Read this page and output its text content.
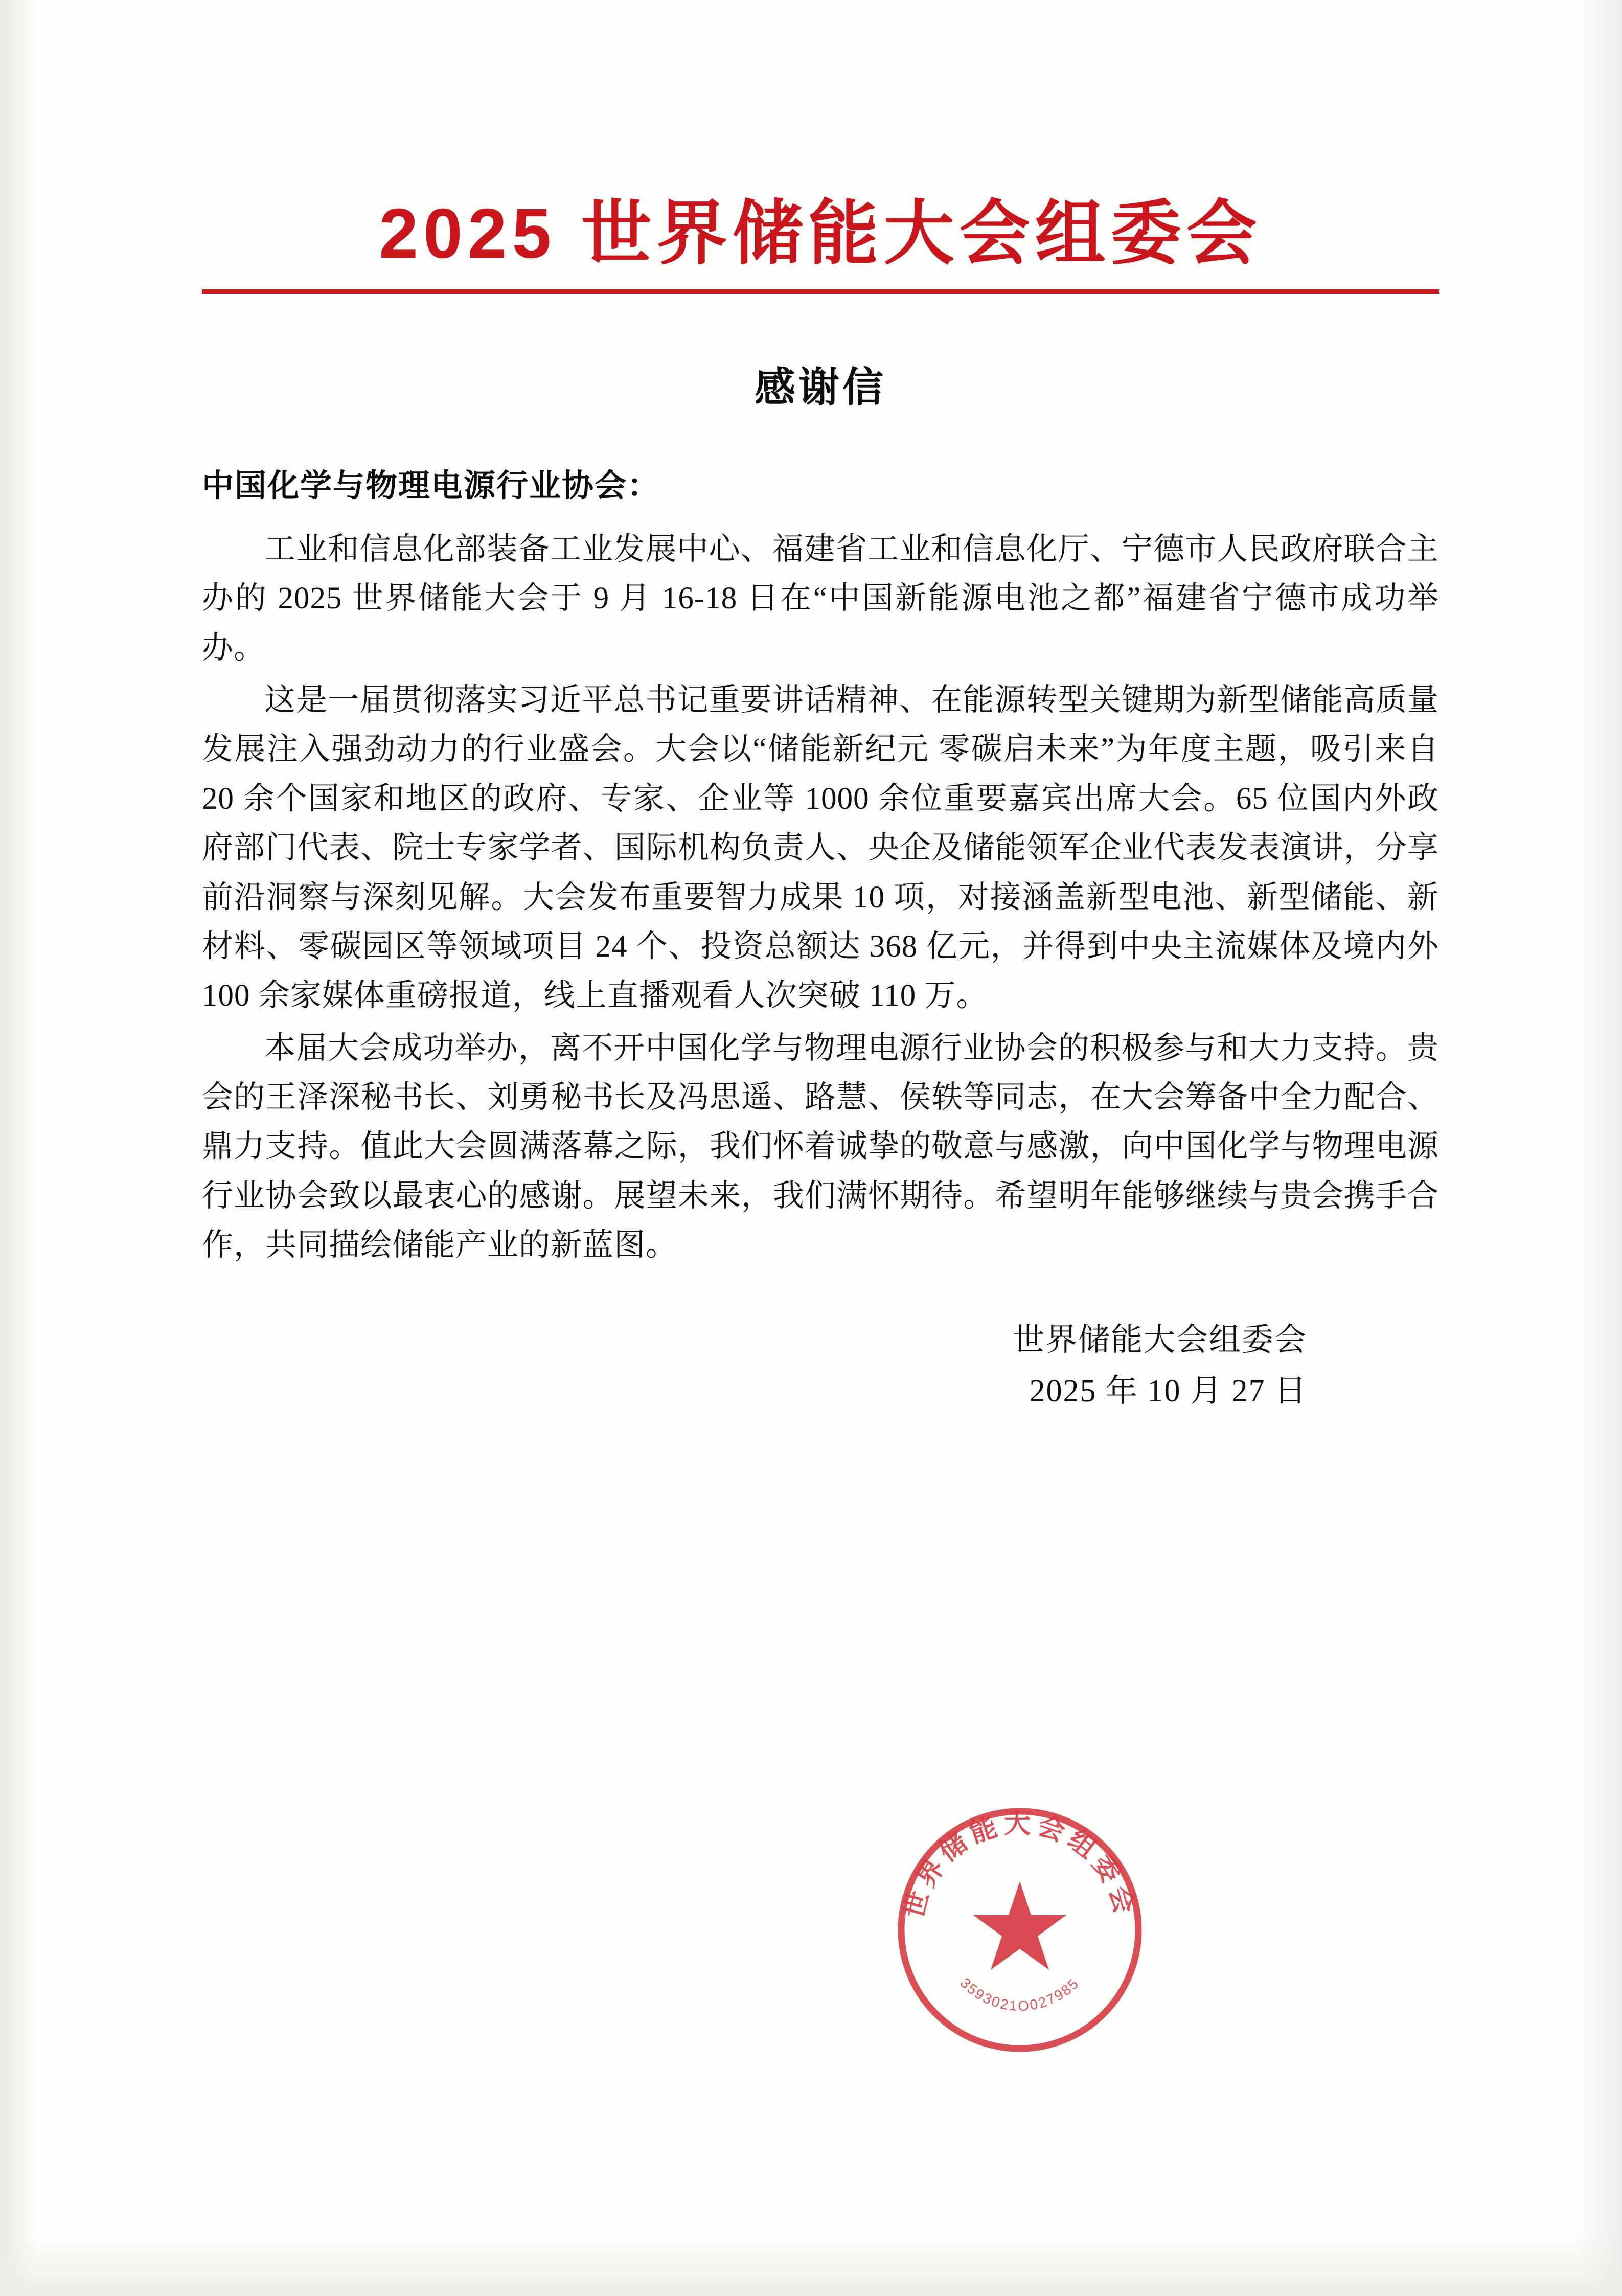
2025 世界储能大会组委会
感谢信
中国化学与物理电源行业协会：

工业和信息化部装备工业发展中心、福建省工业和信息化厅、宁德市人民政府联合主办的 2025 世界储能大会于 9 月 16-18 日在“中国新能源电池之都”福建省宁德市成功举办。

这是一届贯彻落实习近平总书记重要讲话精神、在能源转型关键期为新型储能高质量发展注入强劲动力的行业盛会。大会以“储能新纪元 零碳启未来”为年度主题，吸引来自 20 余个国家和地区的政府、专家、企业等 1000 余位重要嘉宾出席大会。65 位国内外政府部门代表、院士专家学者、国际机构负责人、央企及储能领军企业代表发表演讲，分享前沿洞察与深刻见解。大会发布重要智力成果 10 项，对接涵盖新型电池、新型储能、新材料、零碳园区等领域项目 24 个、投资总额达 368 亿元，并得到中央主流媒体及境内外 100 余家媒体重磅报道，线上直播观看人次突破 110 万。

本届大会成功举办，离不开中国化学与物理电源行业协会的积极参与和大力支持。贵会的王泽深秘书长、刘勇秘书长及冯思遥、路慧、侯轶等同志，在大会筹备中全力配合、鼎力支持。值此大会圆满落幕之际，我们怀着诚挚的敬意与感激，向中国化学与物理电源行业协会致以最衷心的感谢。展望未来，我们满怀期待。希望明年能够继续与贵会携手合作，共同描绘储能产业的新蓝图。

世界储能大会组委会
2025 年 10 月 27 日
世界储能大会组委会
3593021O027985
